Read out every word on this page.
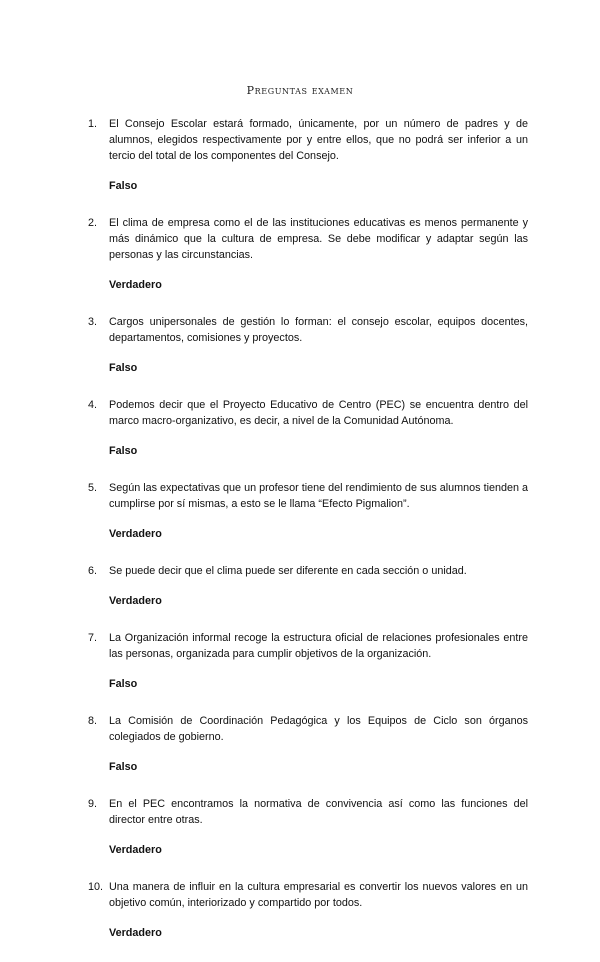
Preguntas examen
1. El Consejo Escolar estará formado, únicamente, por un número de padres y de alumnos, elegidos respectivamente por y entre ellos, que no podrá ser inferior a un tercio del total de los componentes del Consejo.

Falso
2. El clima de empresa como el de las instituciones educativas es menos permanente y más dinámico que la cultura de empresa. Se debe modificar y adaptar según las personas y las circunstancias.

Verdadero
3. Cargos unipersonales de gestión lo forman: el consejo escolar, equipos docentes, departamentos, comisiones y proyectos.

Falso
4. Podemos decir que el Proyecto Educativo de Centro (PEC) se encuentra dentro del marco macro-organizativo, es decir, a nivel de la Comunidad Autónoma.

Falso
5. Según las expectativas que un profesor tiene del rendimiento de sus alumnos tienden a cumplirse por sí mismas, a esto se le llama “Efecto Pigmalion”.

Verdadero
6. Se puede decir que el clima puede ser diferente en cada sección o unidad.

Verdadero
7. La Organización informal recoge la estructura oficial de relaciones profesionales entre las personas, organizada para cumplir objetivos de la organización.

Falso
8. La Comisión de Coordinación Pedagógica y los Equipos de Ciclo son órganos colegiados de gobierno.

Falso
9. En el PEC encontramos la normativa de convivencia así como las funciones del director entre otras.

Verdadero
10. Una manera de influir en la cultura empresarial es convertir los nuevos valores en un objetivo común, interiorizado y compartido por todos.

Verdadero
